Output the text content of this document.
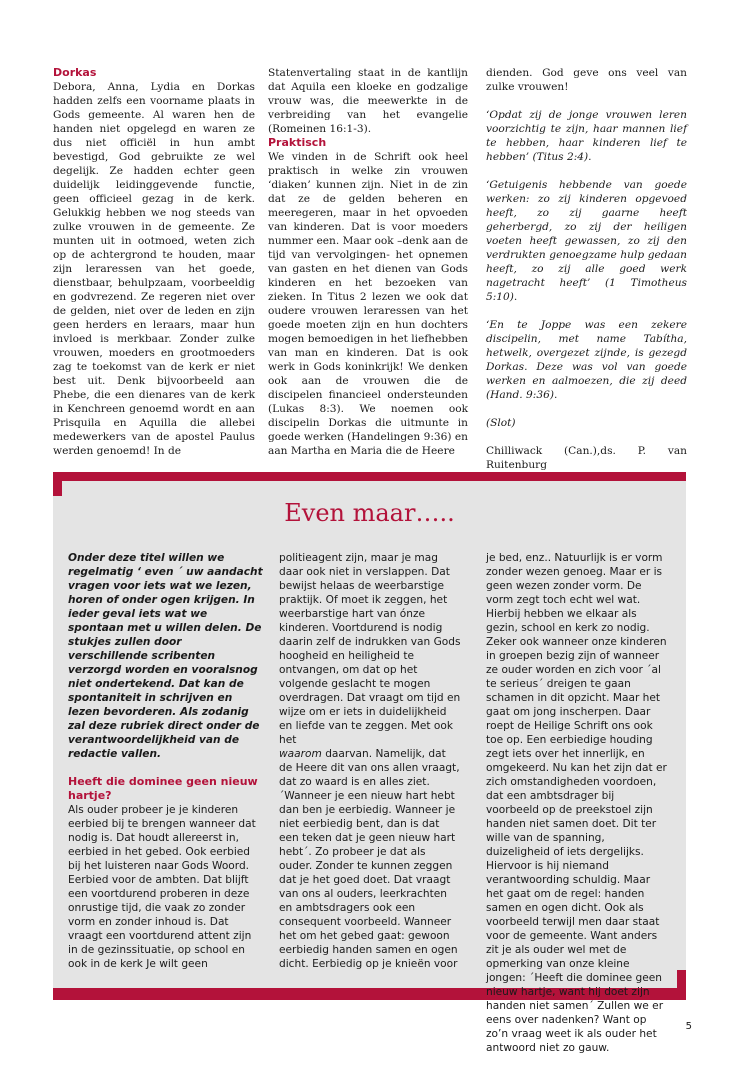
Dorkas

Debora, Anna, Lydia en Dorkas hadden zelfs een voorname plaats in Gods gemeente. Al waren hen de handen niet opgelegd en waren ze dus niet officiël in hun ambt bevestigd, God gebruikte ze wel degelijk. Ze hadden echter geen duidelijk leidinggevende functie, geen officieel gezag in de kerk. Gelukkig hebben we nog steeds van zulke vrouwen in de gemeente. Ze munten uit in ootmoed, weten zich op de achtergrond te houden, maar zijn leraressen van het goede, dienstbaar, behulpzaam, voorbeeldig en godvrezend. Ze regeren niet over de gelden, niet over de leden en zijn geen herders en leraars, maar hun invloed is merkbaar. Zonder zulke vrouwen, moeders en grootmoeders zag te toekomst van de kerk er niet best uit. Denk bijvoorbeeld aan Phebe, die een dienares van de kerk in Kenchreen genoemd wordt en aan Prisquila en Aquilla die allebei medewerkers van de apostel Paulus werden genoemd! In de

Statenvertaling staat in de kantlijn dat Aquila een kloeke en godzalige vrouw was, die meewerkte in de verbreiding van het evangelie (Romeinen 16:1-3).

Praktisch

We vinden in de Schrift ook heel praktisch in welke zin vrouwen ‘diaken’ kunnen zijn. Niet in de zin dat ze de gelden beheren en meeregeren, maar in het opvoeden van kinderen. Dat is voor moeders nummer een. Maar ook –denk aan de tijd van vervolgingen- het opnemen van gasten en het dienen van Gods kinderen en het bezoeken van zieken. In Titus 2 lezen we ook dat oudere vrouwen leraressen van het goede moeten zijn en hun dochters mogen bemoedigen in het liefhebben van man en kinderen. Dat is ook werk in Gods koninkrijk! We denken ook aan de vrouwen die de discipelen financieel ondersteunden (Lukas 8:3). We noemen ook discipelin Dorkas die uitmunte in goede werken (Handelingen 9:36) en aan Martha en Maria die de Heere

dienden. God geve ons veel van zulke vrouwen!

‘Opdat zij de jonge vrouwen leren voorzichtig te zijn, haar mannen lief te hebben, haar kinderen lief te hebben’ (Titus 2:4).

‘Getuigenis hebbende van goede werken: zo zij kinderen opgevoed heeft, zo zij gaarne heeft geherbergd, zo zij der heiligen voeten heeft gewassen, zo zij den verdrukten genoegzame hulp gedaan heeft, zo zij alle goed werk nagetracht heeft’ (1 Timotheus 5:10).

‘En te Joppe was een zekere discipelin, met name Tabítha, hetwelk, overgezet zijnde, is gezegd Dorkas. Deze was vol van goede werken en aalmoezen, die zij deed (Hand. 9:36).

(Slot)

Chilliwack (Can.),ds. P. van Ruitenburg

Even maar…..

Onder deze titel willen we regelmatig ‘ even ´ uw aandacht vragen voor iets wat we lezen, horen of onder ogen krijgen. In ieder geval iets wat we spontaan met u willen delen. De stukjes zullen door verschillende scribenten verzorgd worden en vooralsnog niet ondertekend. Dat kan de spontaniteit in schrijven en lezen bevorderen. Als zodanig zal deze rubriek direct onder de verantwoordelijkheid van de redactie vallen.

Heeft die dominee geen nieuw hartje?

Als ouder probeer je je kinderen eerbied bij te brengen wanneer dat nodig is. Dat houdt allereerst in, eerbied in het gebed. Ook eerbied bij het luisteren naar Gods Woord. Eerbied voor de ambten. Dat blijft een voortdurend proberen in deze onrustige tijd, die vaak zo zonder vorm en zonder inhoud is. Dat vraagt een voortdurend attent zijn in de gezinssituatie, op school en ook in de kerk Je wilt geen

politieagent zijn, maar je mag daar ook niet in verslappen. Dat bewijst helaas de weerbarstige praktijk. Of moet ik zeggen, het weerbarstige hart van ónze kinderen. Voortdurend is nodig daarin zelf de indrukken van Gods hoogheid en heiligheid te ontvangen, om dat op het volgende geslacht te mogen overdragen. Dat vraagt om tijd en wijze om er iets in duidelijkheid en liefde van te zeggen. Met ook het

waarom daarvan. Namelijk, dat de Heere dit van ons allen vraagt, dat zo waard is en alles ziet. ´Wanneer je een nieuw hart hebt dan ben je eerbiedig. Wanneer je niet eerbiedig bent, dan is dat een teken dat je geen nieuw hart hebt´. Zo probeer je dat als ouder. Zonder te kunnen zeggen dat je het goed doet. Dat vraagt van ons al ouders, leerkrachten en ambtsdragers ook een consequent voorbeeld. Wanneer het om het gebed gaat: gewoon eerbiedig handen samen en ogen dicht. Eerbiedig op je knieën voor

je bed, enz.. Natuurlijk is er vorm zonder wezen genoeg. Maar er is geen wezen zonder vorm. De vorm zegt toch echt wel wat. Hierbij hebben we elkaar als gezin, school en kerk zo nodig. Zeker ook wanneer onze kinderen in groepen bezig zijn of wanneer ze ouder worden en zich voor ´al te serieus´ dreigen te gaan schamen in dit opzicht. Maar het gaat om jong inscherpen. Daar roept de Heilige Schrift ons ook toe op. Een eerbiedige houding zegt iets over het innerlijk, en omgekeerd. Nu kan het zijn dat er zich omstandigheden voordoen, dat een ambtsdrager bij voorbeeld op de preekstoel zijn handen niet samen doet. Dit ter wille van de spanning, duizeligheid of iets dergelijks. Hiervoor is hij niemand verantwoording schuldig. Maar het gaat om de regel: handen samen en ogen dicht. Ook als voorbeeld terwijl men daar staat voor de gemeente. Want anders zit je als ouder wel met de opmerking van onze kleine jongen: ´Heeft die dominee geen nieuw hartje, want hij doet zijn handen niet samen´ Zullen we er eens over nadenken? Want op zo’n vraag weet ik als ouder het antwoord niet zo gauw.

5
